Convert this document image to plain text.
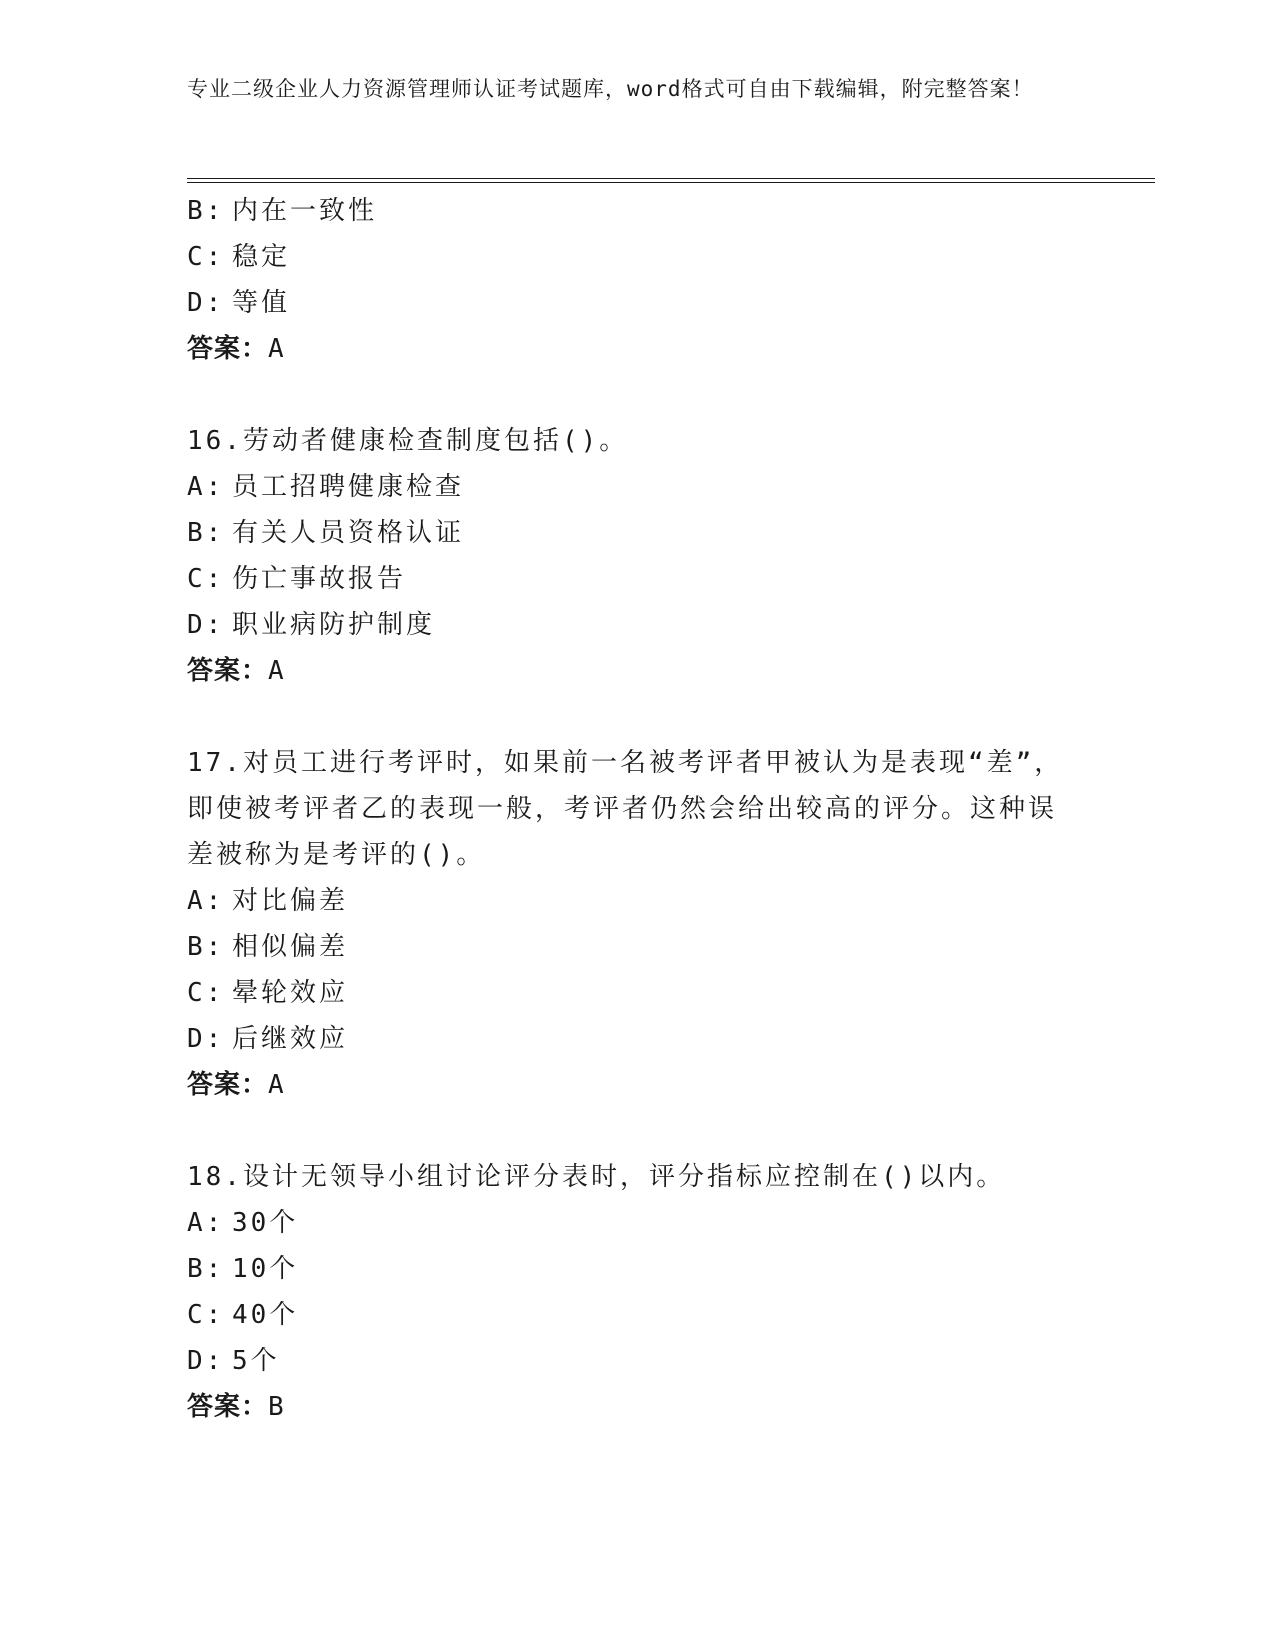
专业二级企业人力资源管理师认证考试题库，word格式可自由下载编辑，附完整答案！
B: 内在一致性
C: 稳定
D: 等值
答案：A
16.劳动者健康检查制度包括()。
A: 员工招聘健康检查
B: 有关人员资格认证
C: 伤亡事故报告
D: 职业病防护制度
答案：A
17.对员工进行考评时，如果前一名被考评者甲被认为是表现“差”，即使被考评者乙的表现一般，考评者仍然会给出较高的评分。这种误差被称为是考评的()。
A: 对比偏差
B: 相似偏差
C: 晕轮效应
D: 后继效应
答案：A
18.设计无领导小组讨论评分表时，评分指标应控制在()以内。
A: 30个
B: 10个
C: 40个
D: 5个
答案：B
